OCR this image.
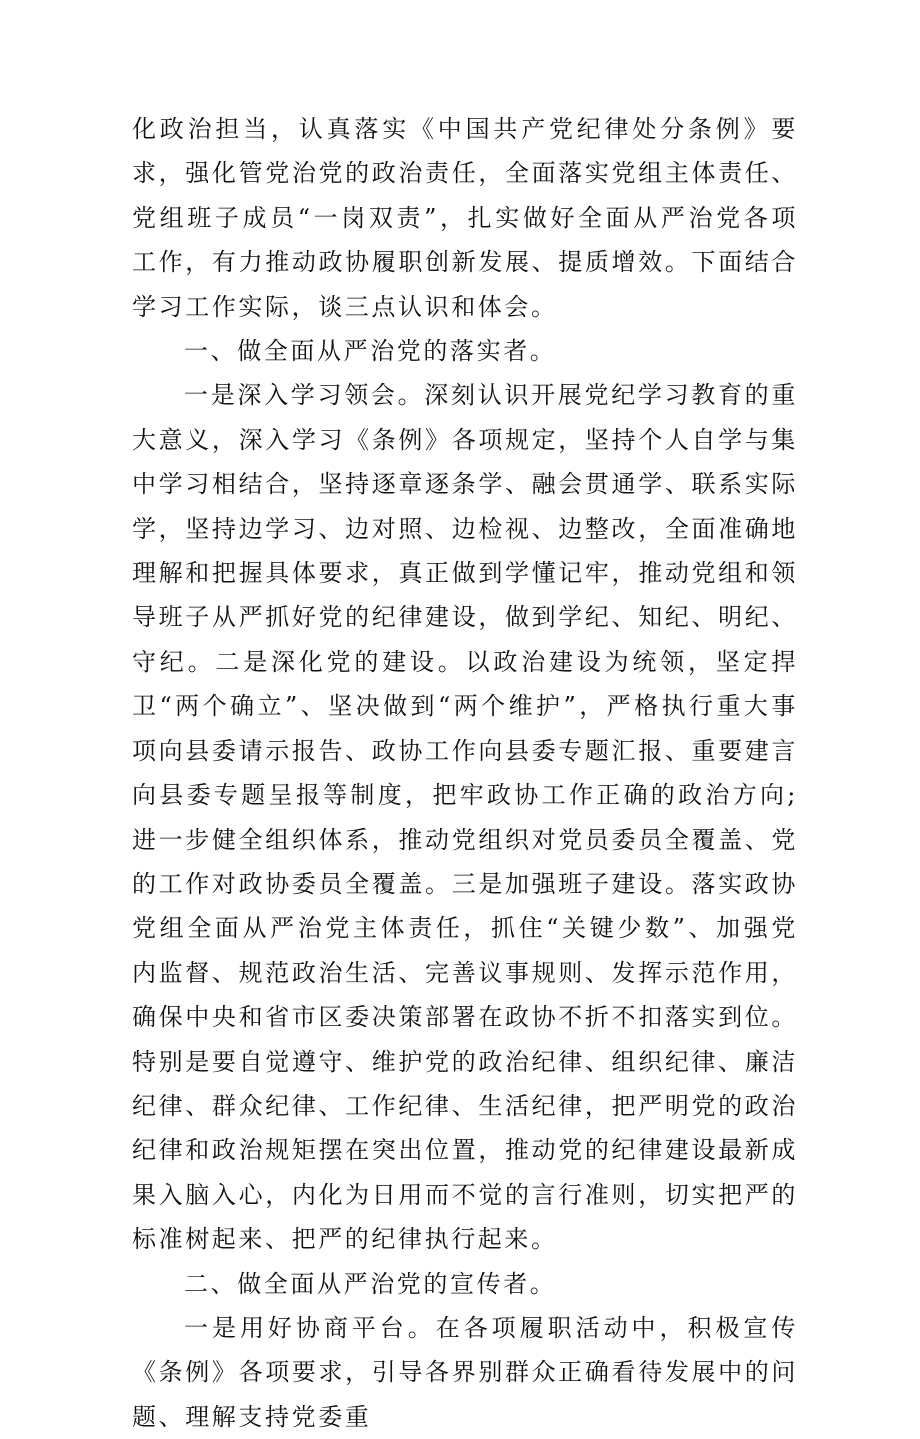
化政治担当，认真落实《中国共产党纪律处分条例》要求，强化管党治党的政治责任，全面落实党组主体责任、党组班子成员“一岗双责”，扎实做好全面从严治党各项工作，有力推动政协履职创新发展、提质增效。下面结合学习工作实际，谈三点认识和体会。

一、做全面从严治党的落实者。

一是深入学习领会。深刻认识开展党纪学习教育的重大意义，深入学习《条例》各项规定，坚持个人自学与集中学习相结合，坚持逐章逐条学、融会贯通学、联系实际学，坚持边学习、边对照、边检视、边整改，全面准确地理解和把握具体要求，真正做到学懂记牢，推动党组和领导班子从严抓好党的纪律建设，做到学纪、知纪、明纪、守纪。二是深化党的建设。以政治建设为统领，坚定捍卫“两个确立”、坚决做到“两个维护”，严格执行重大事项向县委请示报告、政协工作向县委专题汇报、重要建言向县委专题呈报等制度，把牢政协工作正确的政治方向;进一步健全组织体系，推动党组织对党员委员全覆盖、党的工作对政协委员全覆盖。三是加强班子建设。落实政协党组全面从严治党主体责任，抓住“关键少数”、加强党内监督、规范政治生活、完善议事规则、发挥示范作用，确保中央和省市区委决策部署在政协不折不扣落实到位。特别是要自觉遵守、维护党的政治纪律、组织纪律、廉洁纪律、群众纪律、工作纪律、生活纪律，把严明党的政治纪律和政治规矩摆在突出位置，推动党的纪律建设最新成果入脑入心，内化为日用而不觉的言行准则，切实把严的标准树起来、把严的纪律执行起来。

二、做全面从严治党的宣传者。

一是用好协商平台。在各项履职活动中，积极宣传《条例》各项要求，引导各界别群众正确看待发展中的问题、理解支持党委重
